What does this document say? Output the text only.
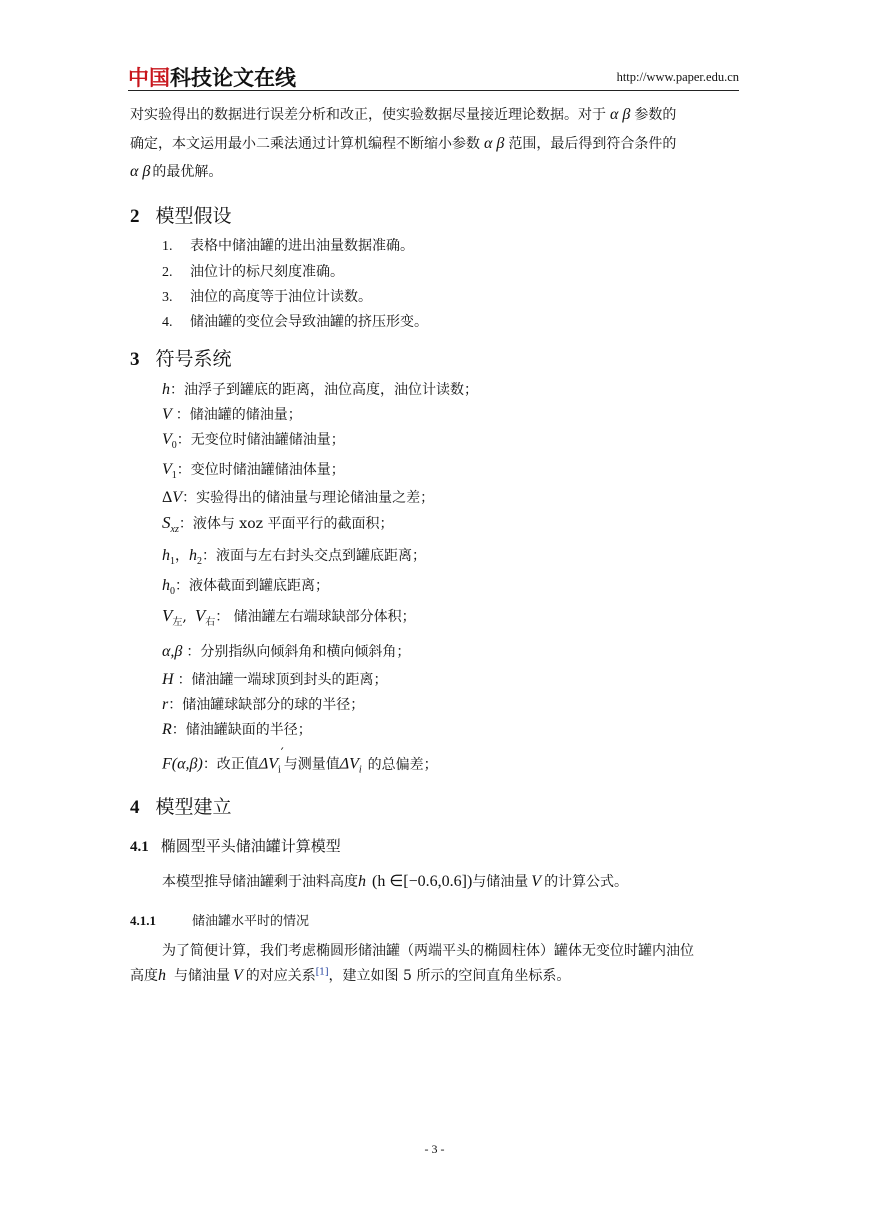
中国科技论文在线	http://www.paper.edu.cn
对实验得出的数据进行误差分析和改正，使实验数据尽量接近理论数据。对于 α β 参数的
确定，本文运用最小二乘法通过计算机编程不断缩小参数 α β 范围，最后得到符合条件的
α β 的最优解。
2 模型假设
1. 表格中储油罐的进出油量数据准确。
2. 油位计的标尺刻度准确。
3. 油位的高度等于油位计读数。
4. 储油罐的变位会导致油罐的挤压形变。
3 符号系统
h：油浮子到罐底的距离，油位高度，油位计读数；
V ：储油罐的储油量；
$V_0$：无变位时储油罐储油量；
$V_1$：变位时储油罐储油体量；
ΔV：实验得出的储油量与理论储油量之差；
$S_{xz}$：液体与 xoz 平面平行的截面积；
$h_1$，$h_2$：液面与左右封头交点到罐底距离；
$h_0$：液体截面到罐底距离；
$V_左$, $V_右$： 储油罐左右端球缺部分体积；
α,β ：分别指纵向倾斜角和横向倾斜角；
H ：储油罐一端球顶到封头的距离；
r：储油罐球缺部分的球的半径；
R：储油罐缺面的半径；
F(α,β)：改正值$\Delta V_i'$与测量值$\Delta V_i$ 的总偏差；
4 模型建立
4.1 椭圆型平头储油罐计算模型
本模型推导储油罐剩于油料高度h (h ∈[−0.6,0.6])与储油量 V 的计算公式。
4.1.1	储油罐水平时的情况
为了简便计算，我们考虑椭圆形储油罐（两端平头的椭圆柱体）罐体无变位时罐内油位
高度h 与储油量 V 的对应关系[1]，建立如图 5 所示的空间直角坐标系。
- 3 -
